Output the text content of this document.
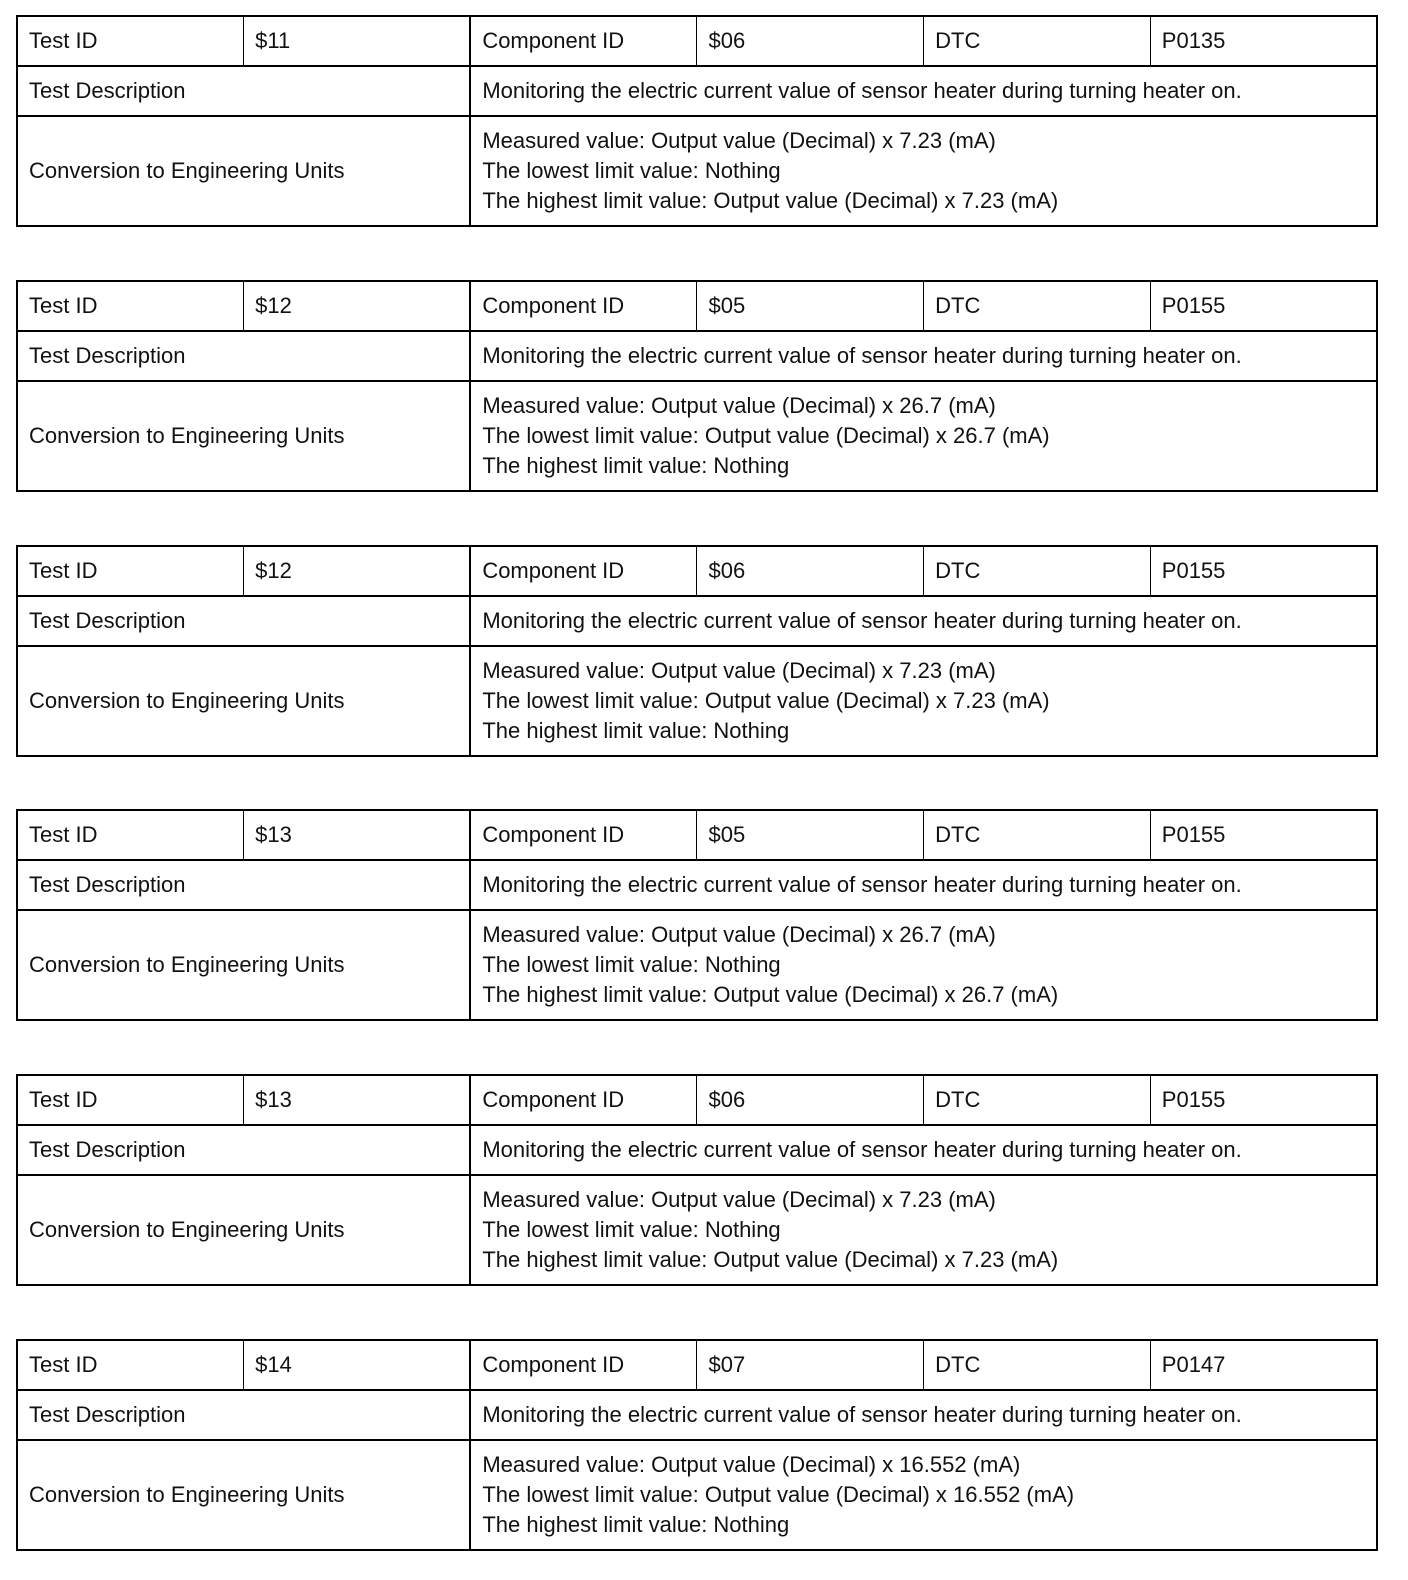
Test ID	$11	Component ID	$06	DTC	P0135
Test Description		Monitoring the electric current value of sensor heater during turning heater on.			
Conversion to Engineering Units		Measured value: Output value (Decimal) x 7.23 (mA)
The lowest limit value: Nothing
The highest limit value: Output value (Decimal) x 7.23 (mA)			
Test ID	$12	Component ID	$05	DTC	P0155
Test Description		Monitoring the electric current value of sensor heater during turning heater on.			
Conversion to Engineering Units		Measured value: Output value (Decimal) x 26.7 (mA)
The lowest limit value: Output value (Decimal) x 26.7 (mA)
The highest limit value: Nothing			
Test ID	$12	Component ID	$06	DTC	P0155
Test Description		Monitoring the electric current value of sensor heater during turning heater on.			
Conversion to Engineering Units		Measured value: Output value (Decimal) x 7.23 (mA)
The lowest limit value: Output value (Decimal) x 7.23 (mA)
The highest limit value: Nothing			
Test ID	$13	Component ID	$05	DTC	P0155
Test Description		Monitoring the electric current value of sensor heater during turning heater on.			
Conversion to Engineering Units		Measured value: Output value (Decimal) x 26.7 (mA)
The lowest limit value: Nothing
The highest limit value: Output value (Decimal) x 26.7 (mA)			
Test ID	$13	Component ID	$06	DTC	P0155
Test Description		Monitoring the electric current value of sensor heater during turning heater on.			
Conversion to Engineering Units		Measured value: Output value (Decimal) x 7.23 (mA)
The lowest limit value: Nothing
The highest limit value: Output value (Decimal) x 7.23 (mA)			
Test ID	$14	Component ID	$07	DTC	P0147
Test Description		Monitoring the electric current value of sensor heater during turning heater on.			
Conversion to Engineering Units		Measured value: Output value (Decimal) x 16.552 (mA)
The lowest limit value: Output value (Decimal) x 16.552 (mA)
The highest limit value: Nothing			
